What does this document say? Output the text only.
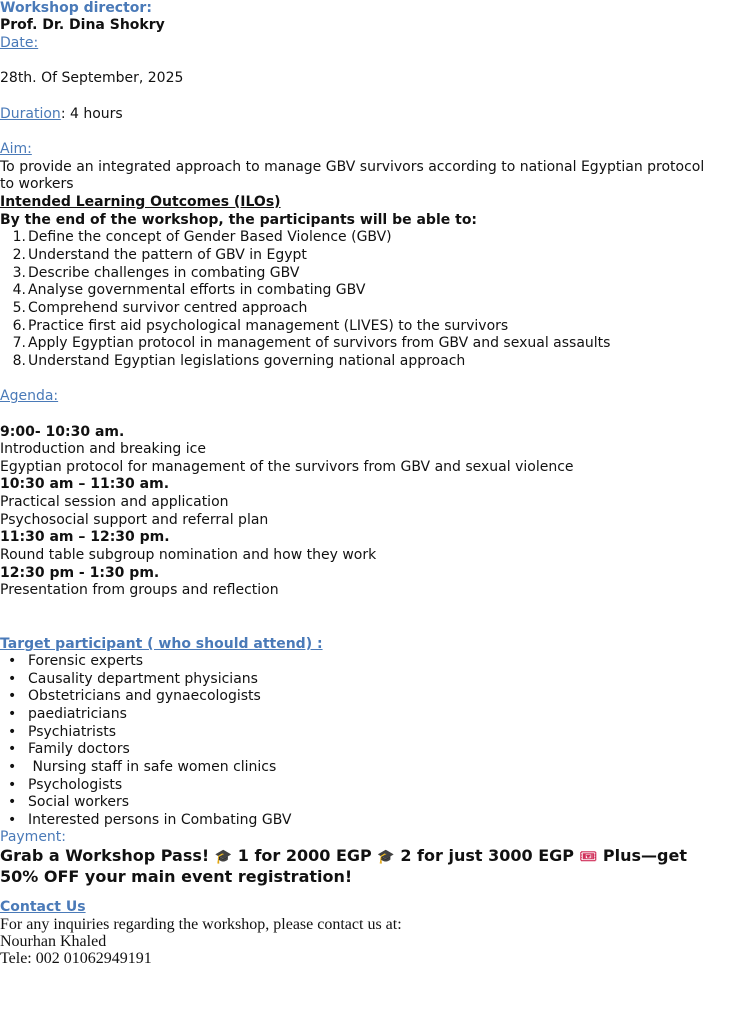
Workshop director:
Prof. Dr. Dina Shokry
Date:
28th. Of September, 2025
Duration: 4 hours
Aim:
To provide an integrated approach to manage GBV survivors according to national Egyptian protocol to workers
Intended Learning Outcomes (ILOs)
By the end of the workshop, the participants will be able to:
1. Define the concept of Gender Based Violence (GBV)
2. Understand the pattern of GBV in Egypt
3. Describe challenges in combating GBV
4. Analyse governmental efforts in combating GBV
5. Comprehend survivor centred approach
6. Practice first aid psychological management (LIVES) to the survivors
7. Apply Egyptian protocol in management of survivors from GBV and sexual assaults
8. Understand Egyptian legislations governing national approach
Agenda:
9:00- 10:30 am.
Introduction and breaking ice
Egyptian protocol for management of the survivors from GBV and sexual violence
10:30 am – 11:30 am.
Practical session and application
Psychosocial support and referral plan
11:30 am – 12:30 pm.
Round table subgroup nomination and how they work
12:30 pm - 1:30 pm.
Presentation from groups and reflection
Target participant ( who should attend) :
• Forensic experts
• Causality department physicians
• Obstetricians and gynaecologists
• paediatricians
• Psychiatrists
• Family doctors
• Nursing staff in safe women clinics
• Psychologists
• Social workers
• Interested persons in Combating GBV
Payment:
Grab a Workshop Pass! 🎓 1 for 2000 EGP 🎓 2 for just 3000 EGP 🎟 Plus—get 50% OFF your main event registration!
Contact Us
For any inquiries regarding the workshop, please contact us at:
Nourhan Khaled
Tele: 002 01062949191
